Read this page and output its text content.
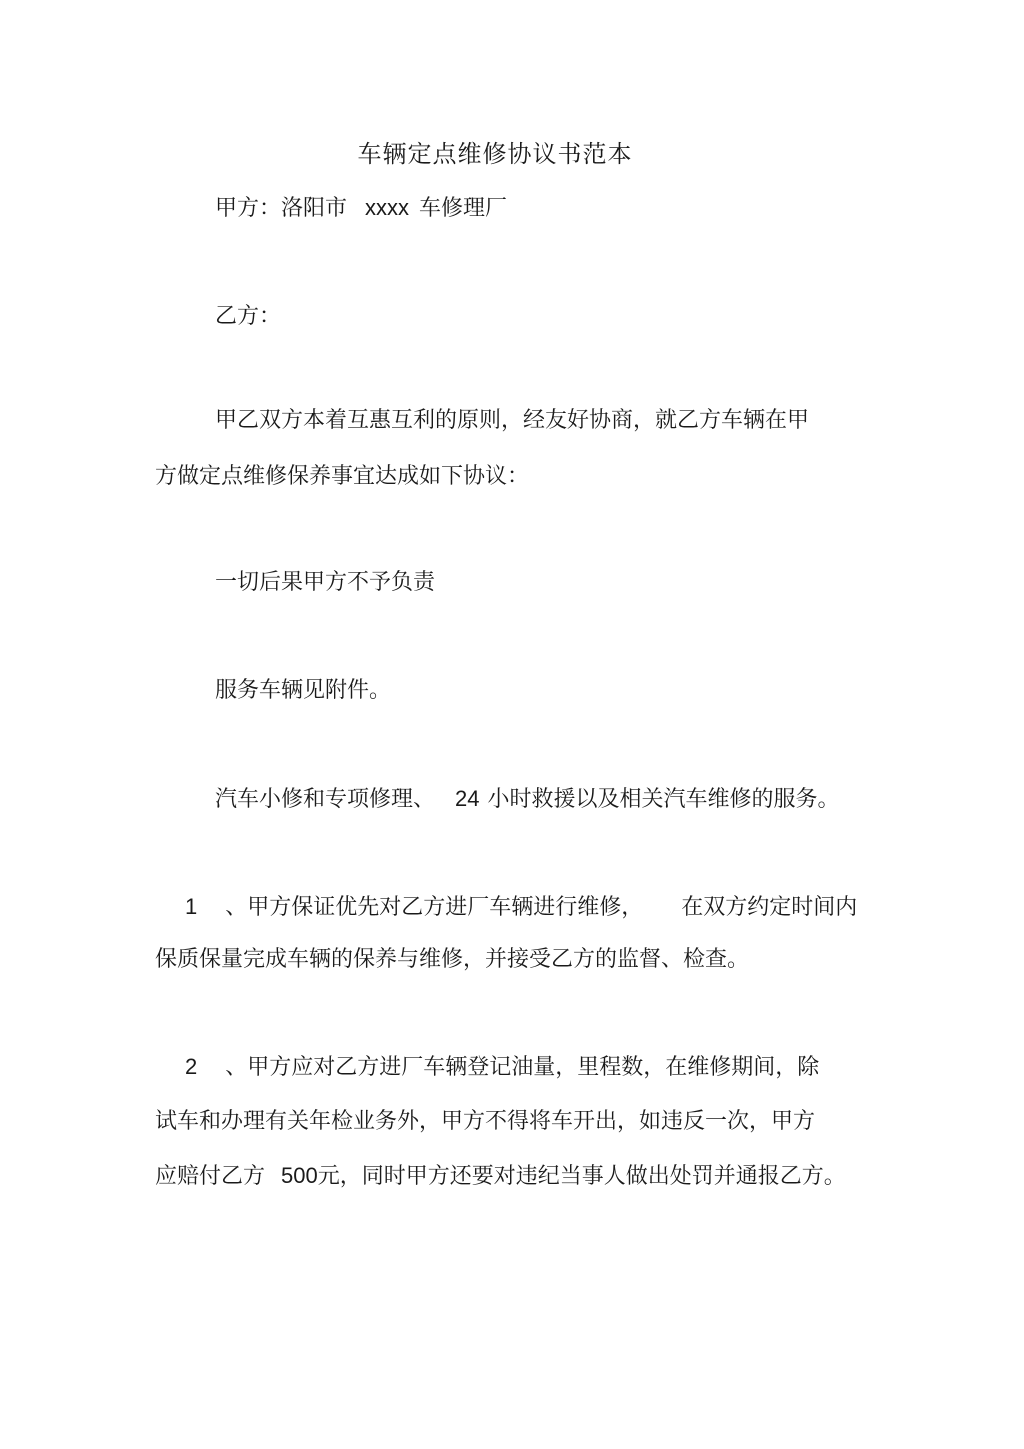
车辆定点维修协议书范本
甲方：洛阳市 xxxx 车修理厂
乙方：
甲乙双方本着互惠互利的原则，经友好协商，就乙方车辆在甲
方做定点维修保养事宜达成如下协议：
一切后果甲方不予负责
服务车辆见附件。
汽车小修和专项修理、 24 小时救援以及相关汽车维修的服务。
1 、甲方保证优先对乙方进厂车辆进行维修， 在双方约定时间内
保质保量完成车辆的保养与维修，并接受乙方的监督、检查。
2 、甲方应对乙方进厂车辆登记油量，里程数，在维修期间，除
试车和办理有关年检业务外，甲方不得将车开出，如违反一次，甲方
应赔付乙方 500元，同时甲方还要对违纪当事人做出处罚并通报乙方。
